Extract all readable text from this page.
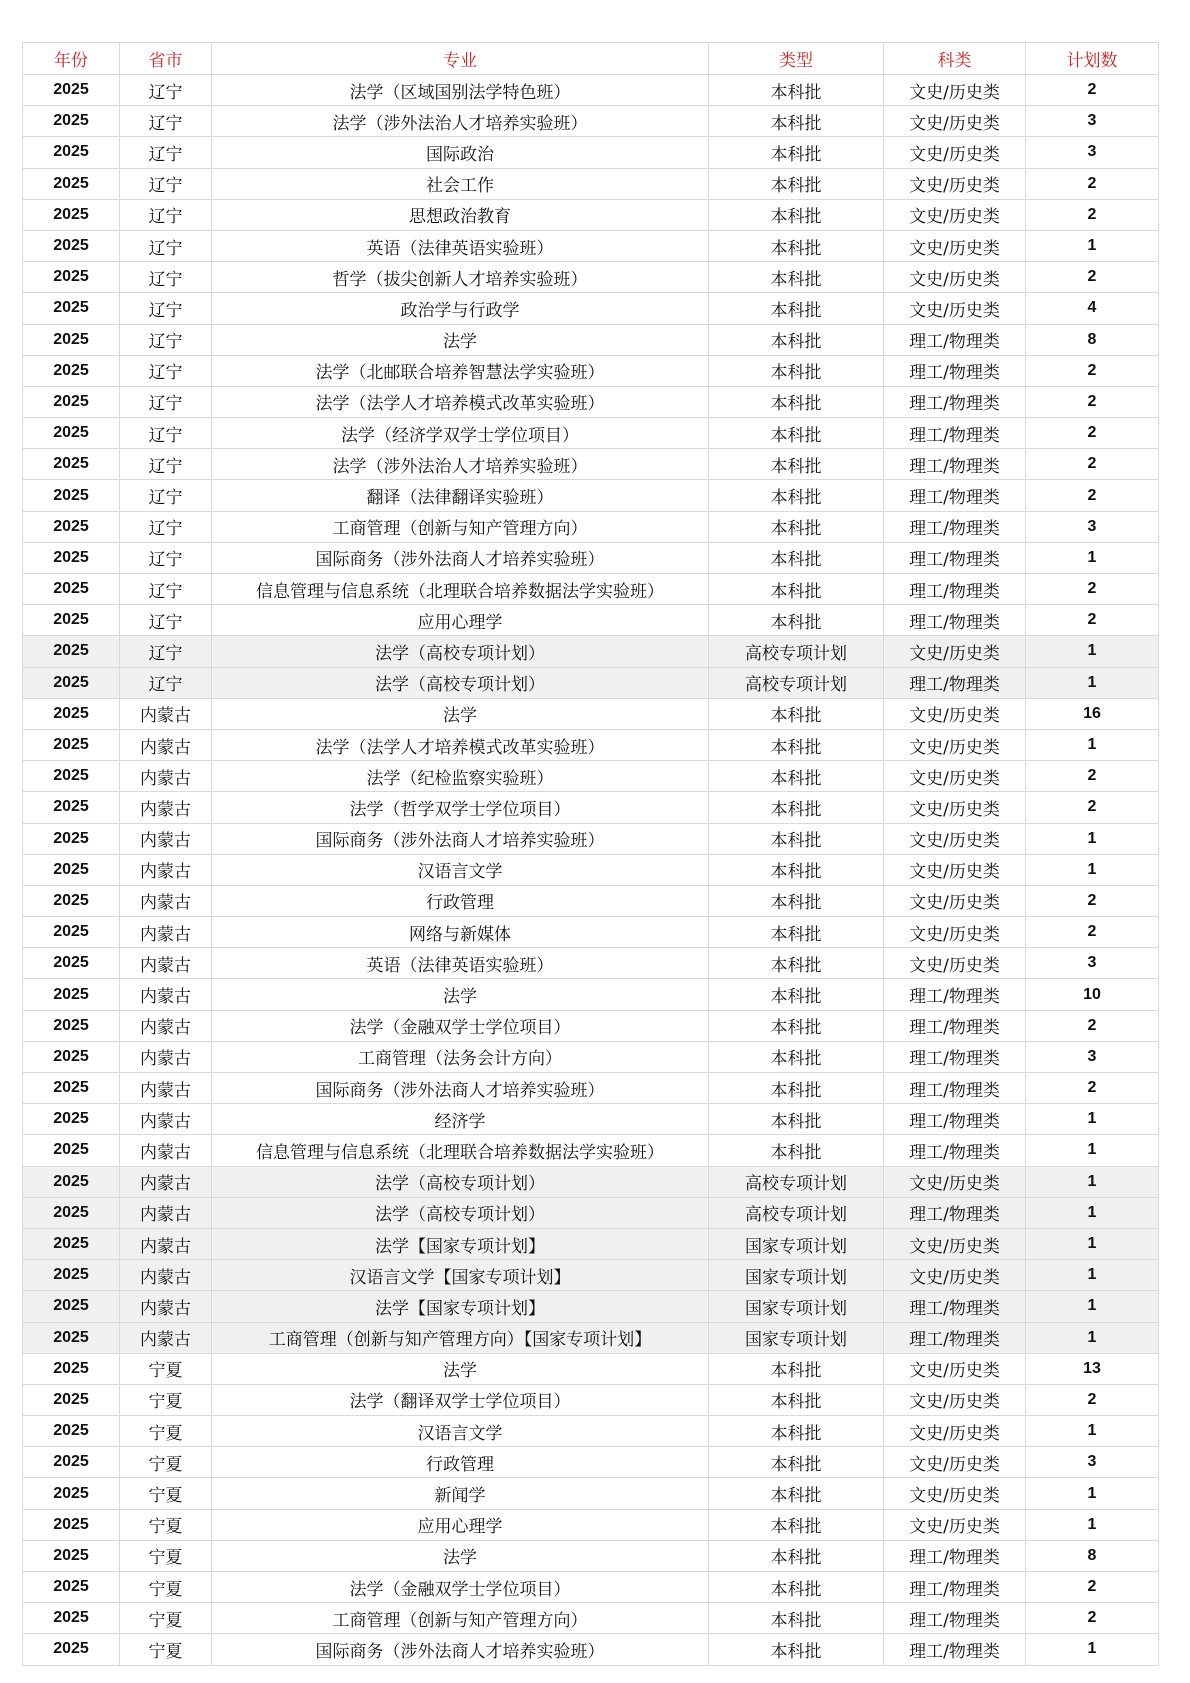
年份	省市	专业	类型	科类	计划数
2025	辽宁	法学（区域国别法学特色班）	本科批	文史/历史类	2
2025	辽宁	法学（涉外法治人才培养实验班）	本科批	文史/历史类	3
2025	辽宁	国际政治	本科批	文史/历史类	3
2025	辽宁	社会工作	本科批	文史/历史类	2
2025	辽宁	思想政治教育	本科批	文史/历史类	2
2025	辽宁	英语（法律英语实验班）	本科批	文史/历史类	1
2025	辽宁	哲学（拔尖创新人才培养实验班）	本科批	文史/历史类	2
2025	辽宁	政治学与行政学	本科批	文史/历史类	4
2025	辽宁	法学	本科批	理工/物理类	8
2025	辽宁	法学（北邮联合培养智慧法学实验班）	本科批	理工/物理类	2
2025	辽宁	法学（法学人才培养模式改革实验班）	本科批	理工/物理类	2
2025	辽宁	法学（经济学双学士学位项目）	本科批	理工/物理类	2
2025	辽宁	法学（涉外法治人才培养实验班）	本科批	理工/物理类	2
2025	辽宁	翻译（法律翻译实验班）	本科批	理工/物理类	2
2025	辽宁	工商管理（创新与知产管理方向）	本科批	理工/物理类	3
2025	辽宁	国际商务（涉外法商人才培养实验班）	本科批	理工/物理类	1
2025	辽宁	信息管理与信息系统（北理联合培养数据法学实验班）	本科批	理工/物理类	2
2025	辽宁	应用心理学	本科批	理工/物理类	2
2025	辽宁	法学（高校专项计划）	高校专项计划	文史/历史类	1
2025	辽宁	法学（高校专项计划）	高校专项计划	理工/物理类	1
2025	内蒙古	法学	本科批	文史/历史类	16
2025	内蒙古	法学（法学人才培养模式改革实验班）	本科批	文史/历史类	1
2025	内蒙古	法学（纪检监察实验班）	本科批	文史/历史类	2
2025	内蒙古	法学（哲学双学士学位项目）	本科批	文史/历史类	2
2025	内蒙古	国际商务（涉外法商人才培养实验班）	本科批	文史/历史类	1
2025	内蒙古	汉语言文学	本科批	文史/历史类	1
2025	内蒙古	行政管理	本科批	文史/历史类	2
2025	内蒙古	网络与新媒体	本科批	文史/历史类	2
2025	内蒙古	英语（法律英语实验班）	本科批	文史/历史类	3
2025	内蒙古	法学	本科批	理工/物理类	10
2025	内蒙古	法学（金融双学士学位项目）	本科批	理工/物理类	2
2025	内蒙古	工商管理（法务会计方向）	本科批	理工/物理类	3
2025	内蒙古	国际商务（涉外法商人才培养实验班）	本科批	理工/物理类	2
2025	内蒙古	经济学	本科批	理工/物理类	1
2025	内蒙古	信息管理与信息系统（北理联合培养数据法学实验班）	本科批	理工/物理类	1
2025	内蒙古	法学（高校专项计划）	高校专项计划	文史/历史类	1
2025	内蒙古	法学（高校专项计划）	高校专项计划	理工/物理类	1
2025	内蒙古	法学【国家专项计划】	国家专项计划	文史/历史类	1
2025	内蒙古	汉语言文学【国家专项计划】	国家专项计划	文史/历史类	1
2025	内蒙古	法学【国家专项计划】	国家专项计划	理工/物理类	1
2025	内蒙古	工商管理（创新与知产管理方向）【国家专项计划】	国家专项计划	理工/物理类	1
2025	宁夏	法学	本科批	文史/历史类	13
2025	宁夏	法学（翻译双学士学位项目）	本科批	文史/历史类	2
2025	宁夏	汉语言文学	本科批	文史/历史类	1
2025	宁夏	行政管理	本科批	文史/历史类	3
2025	宁夏	新闻学	本科批	文史/历史类	1
2025	宁夏	应用心理学	本科批	文史/历史类	1
2025	宁夏	法学	本科批	理工/物理类	8
2025	宁夏	法学（金融双学士学位项目）	本科批	理工/物理类	2
2025	宁夏	工商管理（创新与知产管理方向）	本科批	理工/物理类	2
2025	宁夏	国际商务（涉外法商人才培养实验班）	本科批	理工/物理类	1
